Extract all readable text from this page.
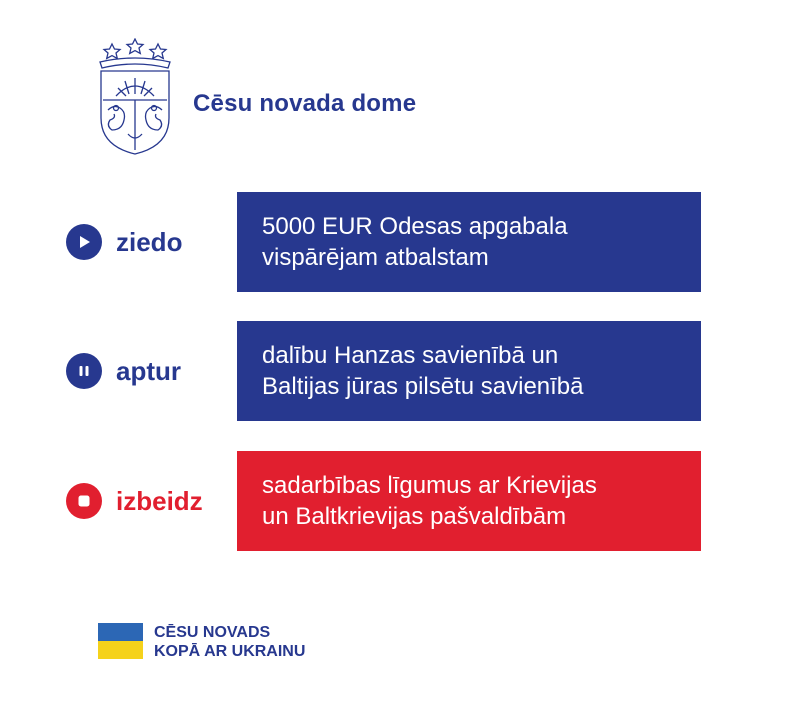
Cēsu novada dome
ziedo	5000 EUR Odesas apgabala
vispārējam atbalstam
aptur	dalību Hanzas savienībā un
Baltijas jūras pilsētu savienībā
izbeidz sadarbības līgumus ar Krievijas
un Baltkrievijas pašvaldībām
CĒSU NOVADS
KOPĀ AR UKRAINU
